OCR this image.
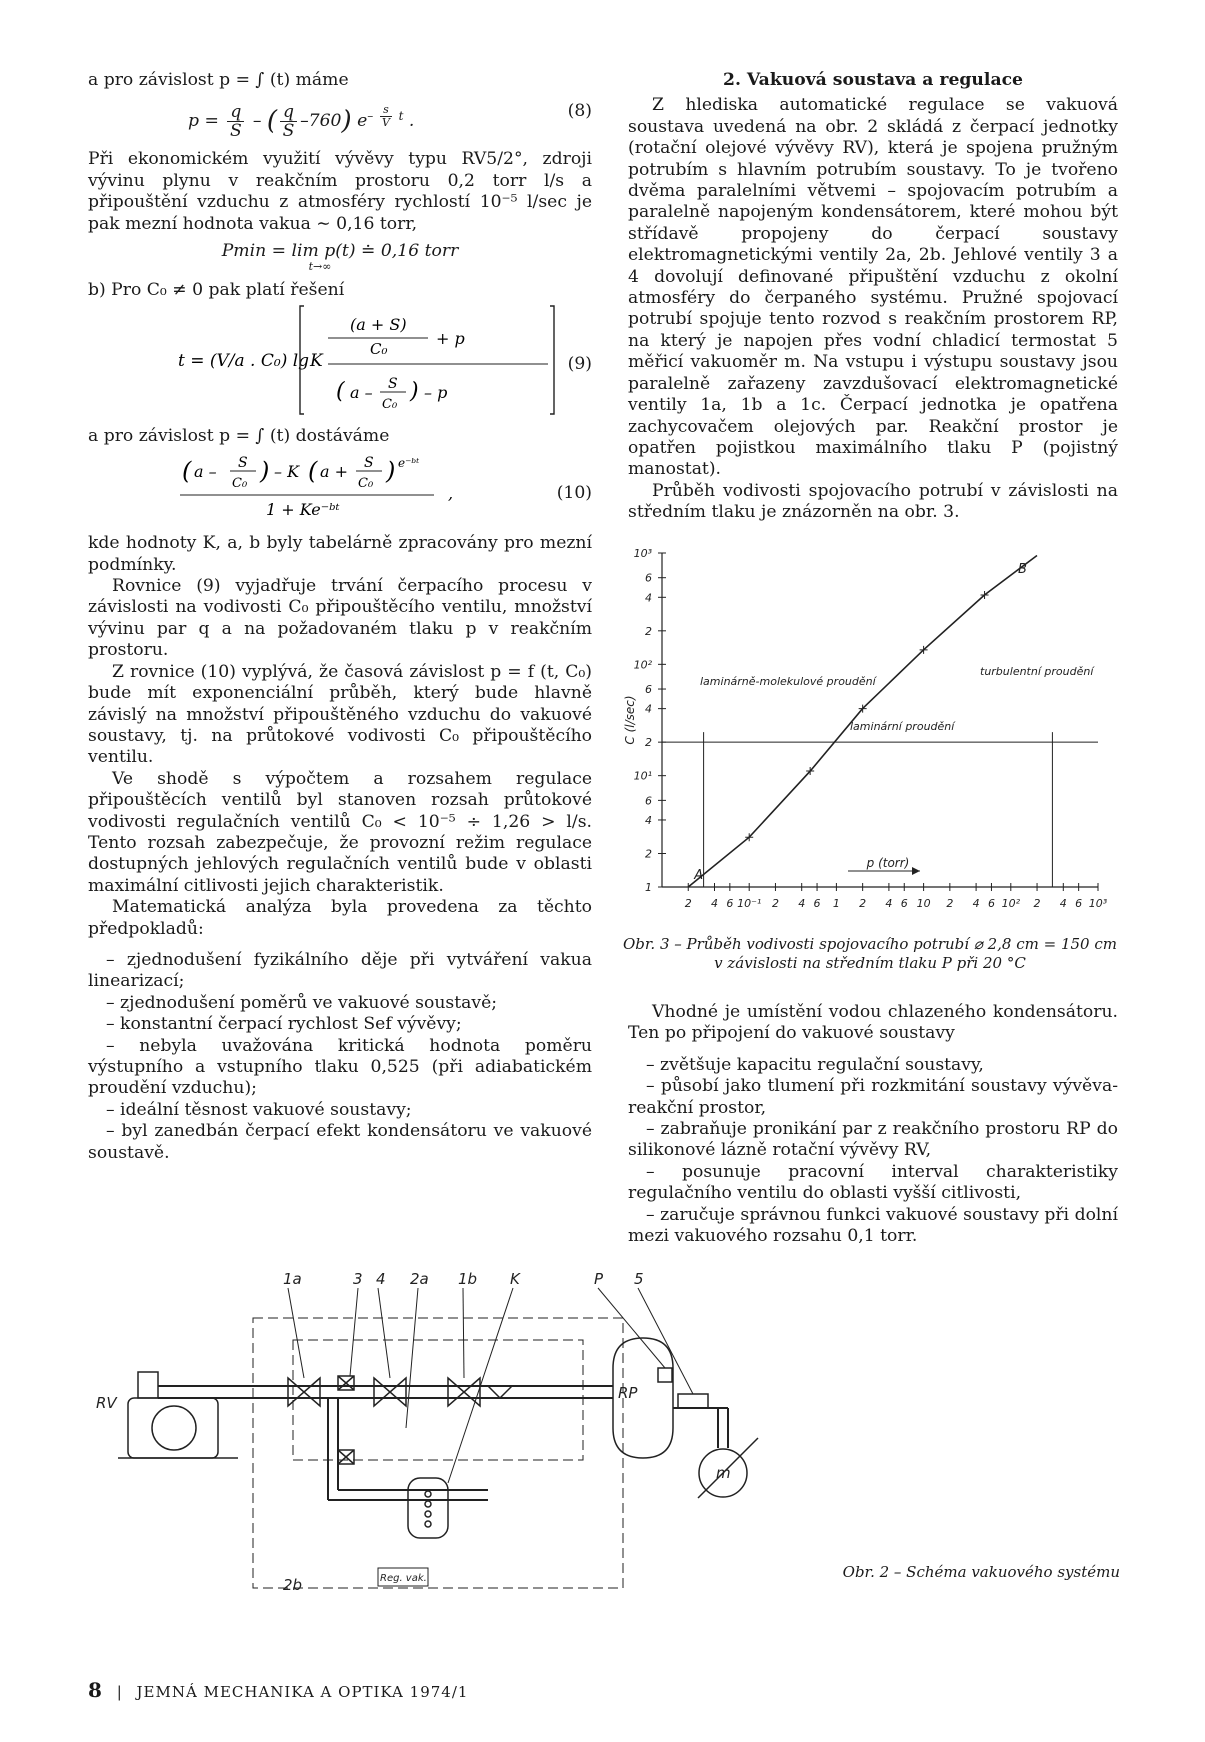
a pro závislost p = ∫ (t) máme

$p = \frac{q}{S}$ – ( $\frac{q}{S} -760$) $e^{- \frac{s}{V} t}$ .	(8)

Při ekonomickém využití vývěvy typu RV5/2°, zdroji vývinu plynu v reakčním prostoru 0,2 torr l/s a připouštění vzduchu z atmosféry rychlostí 10⁻⁵ l/sec je pak mezní hodnota vakua ∼ 0,16 torr,

Pmin = lim p(t) ≐ 0,16 torr
t→∞

b) Pro C₀ ≠ 0 pak platí řešení

t = (V/a . C₀) lg K
(a + S)
C₀
+ p
( a – S
C₀
) – p
(9)

a pro závislost p = ∫ (t) dostáváme

( a – S
C₀ ) – K ( a + S
C₀ ) e⁻ᵇᵗ
1 + Ke⁻ᵇᵗ
,	(10)

kde hodnoty K, a, b byly tabelárně zpracovány pro mezní podmínky.

Rovnice (9) vyjadřuje trvání čerpacího procesu v závislosti na vodivosti C₀ připouštěcího ventilu, množství vývinu par q a na požadovaném tlaku p v reakčním prostoru.

Z rovnice (10) vyplývá, že časová závislost p = f (t, C₀) bude mít exponenciální průběh, který bude hlavně závislý na množství připouštěného vzduchu do vakuové soustavy, tj. na průtokové vodivosti C₀ připouštěcího ventilu.

Ve shodě s výpočtem a rozsahem regulace připouštěcích ventilů byl stanoven rozsah průtokové vodivosti regulačních ventilů C₀ < 10⁻⁵ ÷ 1,26 > l/s. Tento rozsah zabezpečuje, že provozní režim regulace dostupných jehlových regulačních ventilů bude v oblasti maximální citlivosti jejich charakteristik.

Matematická analýza byla provedena za těchto předpokladů:

– zjednodušení fyzikálního děje při vytváření vakua linearizací;

– zjednodušení poměrů ve vakuové soustavě;

– konstantní čerpací rychlost Sef vývěvy;

– nebyla uvažována kritická hodnota poměru výstupního a vstupního tlaku 0,525 (při adiabatickém proudění vzduchu);

– ideální těsnost vakuové soustavy;

– byl zanedbán čerpací efekt kondensátoru ve vakuové soustavě.

2. Vakuová soustava a regulace

Z hlediska automatické regulace se vakuová soustava uvedená na obr. 2 skládá z čerpací jednotky (rotační olejové vývěvy RV), která je spojena pružným potrubím s hlavním potrubím soustavy. To je tvořeno dvěma paralelními větvemi – spojovacím potrubím a paralelně napojeným kondensátorem, které mohou být střídavě propojeny do čerpací soustavy elektromagnetickými ventily 2a, 2b. Jehlové ventily 3 a 4 dovolují definované připuštění vzduchu z okolní atmosféry do čerpaného systému. Pružné spojovací potrubí spojuje tento rozvod s reakčním prostorem RP, na který je napojen přes vodní chladicí termostat 5 měřicí vakuoměr m. Na vstupu i výstupu soustavy jsou paralelně zařazeny zavzdušovací elektromagnetické ventily 1a, 1b a 1c. Čerpací jednotka je opatřena zachycovačem olejových par. Reakční prostor je opatřen pojistkou maximálního tlaku P (pojistný manostat).

Průběh vodivosti spojovacího potrubí v závislosti na středním tlaku je znázorněn na obr. 3.

1
2
4
6
10¹
2
4
6
10²
2
4
6
10³
2 4 6 10⁻¹ 2 4 6 1 2 4 6 10 2 4 6 10² 2 4 6 10³
C (l/sec)
p (torr)
laminárně-molekulové proudění
laminární proudění
turbulentní proudění
A
B
Obr. 3 – Průběh vodivosti spojovacího potrubí ⌀ 2,8 cm = 150 cm
v závislosti na středním tlaku P při 20 °C

Vhodné je umístění vodou chlazeného kondensátoru. Ten po připojení do vakuové soustavy

– zvětšuje kapacitu regulační soustavy,

– působí jako tlumení při rozkmitání soustavy vývěva-reakční prostor,

– zabraňuje pronikání par z reakčního prostoru RP do silikonové lázně rotační vývěvy RV,

– posunuje pracovní interval charakteristiky regulačního ventilu do oblasti vyšší citlivosti,

– zaručuje správnou funkci vakuové soustavy při dolní mezi vakuového rozsahu 0,1 torr.

1a	3 4 2a 1b K	P 5
RV
RP
m
2b	Reg. vak.	Obr. 2 – Schéma vakuového systému
8 | JEMNÁ MECHANIKA A OPTIKA 1974/1
